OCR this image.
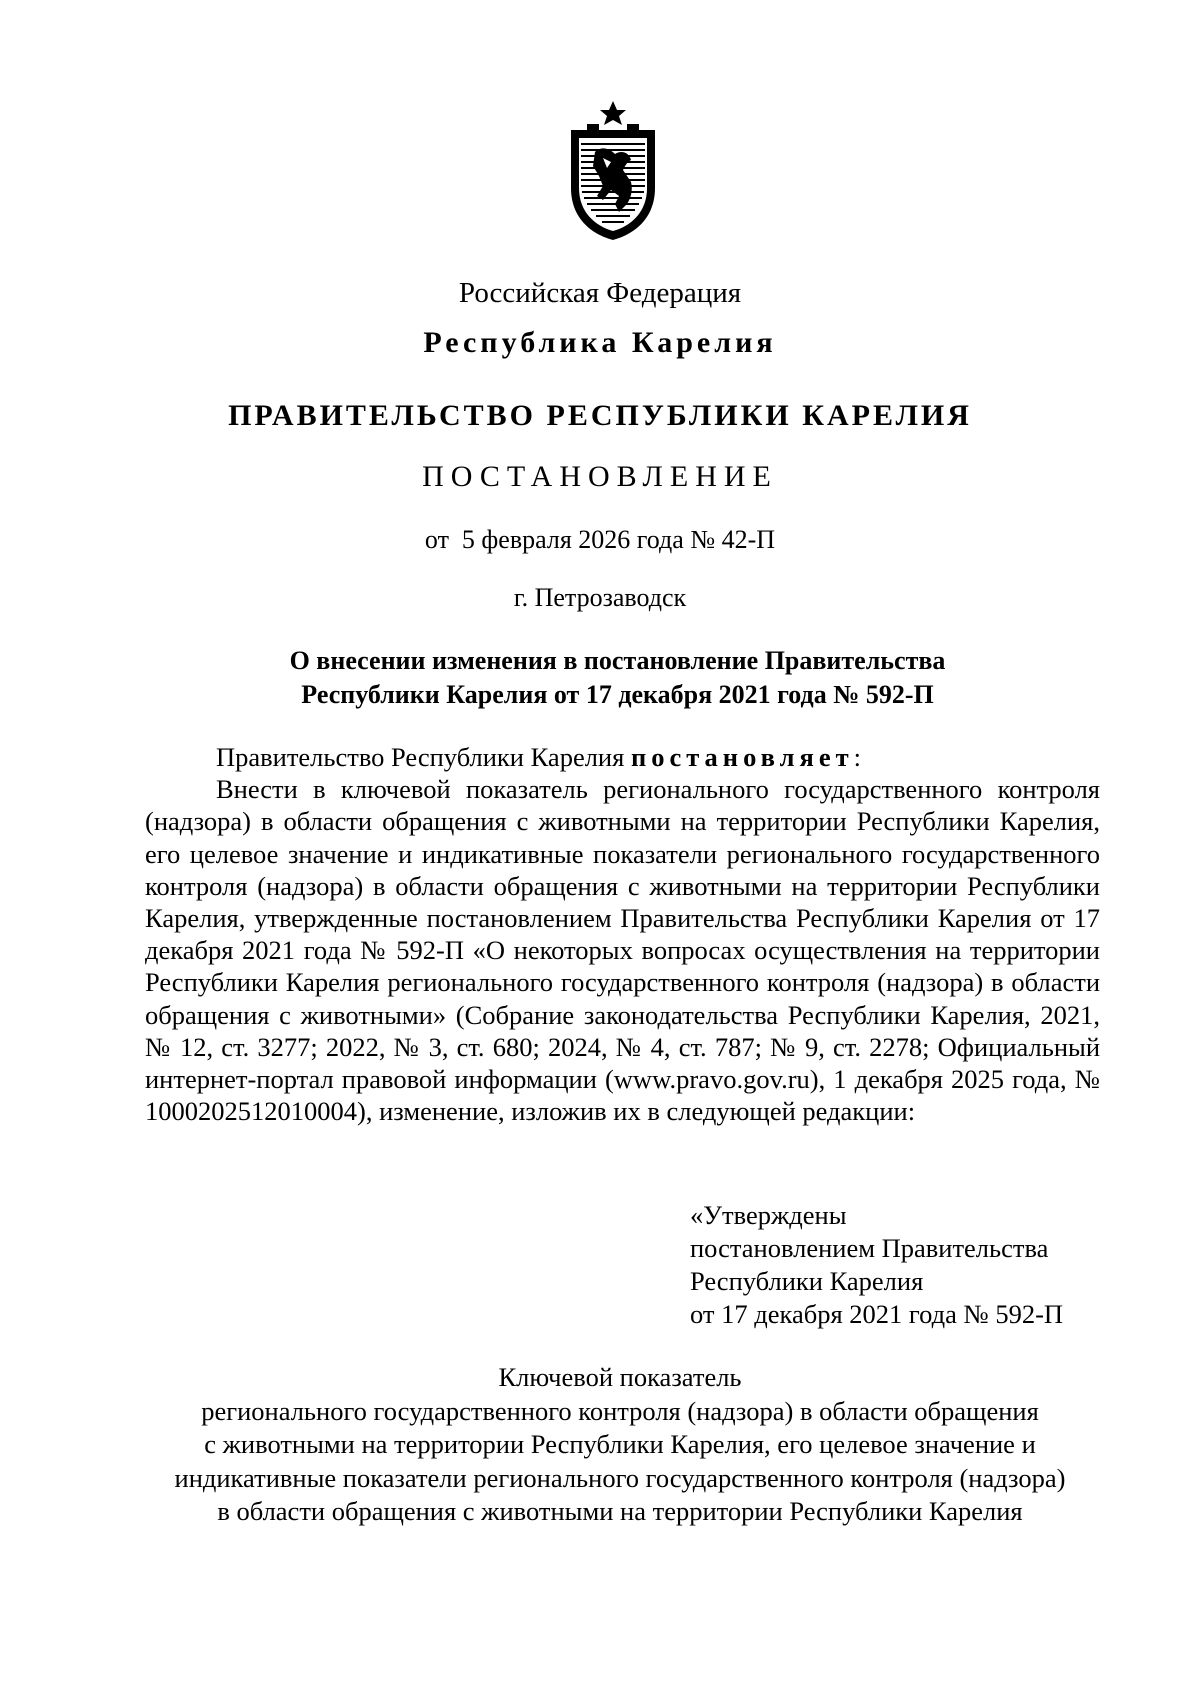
Российская Федерация
Республика Карелия
ПРАВИТЕЛЬСТВО РЕСПУБЛИКИ КАРЕЛИЯ
ПОСТАНОВЛЕНИЕ
от  5 февраля 2026 года № 42-П
г. Петрозаводск
О внесении изменения в постановление Правительства
Республики Карелия от 17 декабря 2021 года № 592-П

Правительство Республики Карелия постановляет:

Внести в ключевой показатель регионального государственного контроля (надзора) в области обращения с животными на территории Республики Карелия, его целевое значение и индикативные показатели регионального государственного контроля (надзора) в области обращения с животными на территории Республики Карелия, утвержденные постановлением Правительства Республики Карелия от 17 декабря 2021 года № 592-П «О некоторых вопросах осуществления на территории Республики Карелия регионального государственного контроля (надзора) в области обращения с животными» (Собрание законодательства Республики Карелия, 2021, № 12, ст. 3277; 2022, № 3, ст. 680; 2024, № 4, ст. 787; № 9, ст. 2278; Официальный интернет-портал правовой информации (www.pravo.gov.ru), 1 декабря 2025 года, № 1000202512010004), изменение, изложив их в следующей редакции:

«Утверждены
постановлением Правительства
Республики Карелия
от 17 декабря 2021 года № 592-П
Ключевой показатель
регионального государственного контроля (надзора) в области обращения
с животными на территории Республики Карелия, его целевое значение и
индикативные показатели регионального государственного контроля (надзора)
в области обращения с животными на территории Республики Карелия
